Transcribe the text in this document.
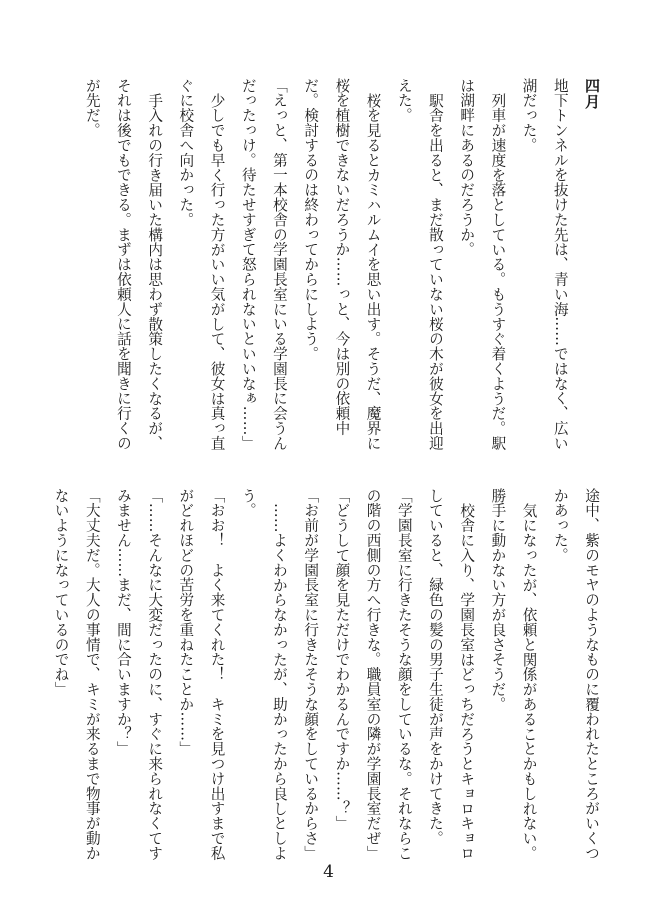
四月

地下トンネルを抜けた先は、青い海……ではなく、広い湖だった。

列車が速度を落としている。もうすぐ着くようだ。駅は湖畔にあるのだろうか。

駅舎を出ると、まだ散っていない桜の木が彼女を出迎えた。

桜を見るとカミハルムイを思い出す。そうだ、魔界に桜を植樹できないだろうか……っと、今は別の依頼中だ。検討するのは終わってからにしよう。

「えっと、第一本校舎の学園長室にいる学園長に会うんだったっけ。待たせすぎて怒られないといいなぁ……」

少しでも早く行った方がいい気がして、彼女は真っ直ぐに校舎へ向かった。

手入れの行き届いた構内は思わず散策したくなるが、それは後でもできる。まずは依頼人に話を聞きに行くのが先だ。

途中、紫のモヤのようなものに覆われたところがいくつかあった。

気になったが、依頼と関係があることかもしれない。勝手に動かない方が良さそうだ。

校舎に入り、学園長室はどっちだろうとキョロキョロしていると、緑色の髪の男子生徒が声をかけてきた。

「学園長室に行きたそうな顔をしているな。それならこの階の西側の方へ行きな。職員室の隣が学園長室だぜ」

「どうして顔を見ただけでわかるんですか……？」

「お前が学園長室に行きたそうな顔をしているからさ」

……よくわからなかったが、助かったから良しとしよう。

「おお！　よく来てくれた！　キミを見つけ出すまで私がどれほどの苦労を重ねたことか……」

「……そんなに大変だったのに、すぐに来られなくてすみません……まだ、間に合いますか？」

「大丈夫だ。大人の事情で、キミが来るまで物事が動かないようになっているのでね」

4
